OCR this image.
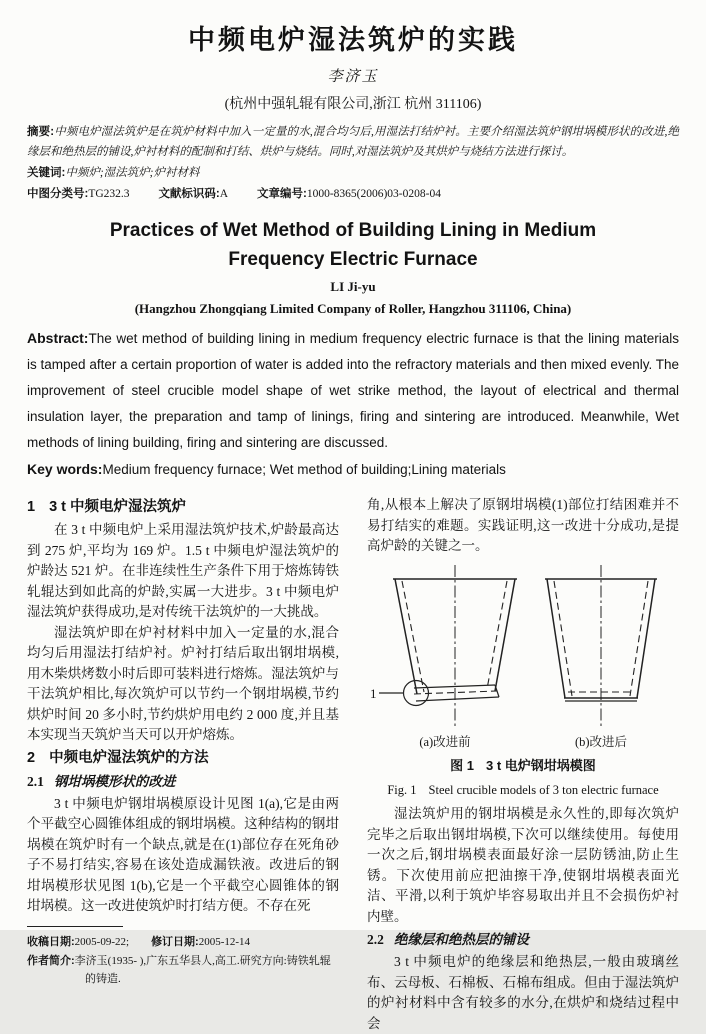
中频电炉湿法筑炉的实践
李济玉
(杭州中强轧辊有限公司,浙江 杭州 311106)
摘要:中频电炉湿法筑炉是在筑炉材料中加入一定量的水,混合均匀后,用湿法打结炉衬。主要介绍湿法筑炉钢坩埚模形状的改进,绝缘层和绝热层的铺设,炉衬材料的配制和打结、烘炉与烧结。同时,对湿法筑炉及其烘炉与烧结方法进行探讨。
关键词:中频炉;湿法筑炉;炉衬材料
中图分类号:TG232.3	文献标识码:A	文章编号:1000-8365(2006)03-0208-04
Practices of Wet Method of Building Lining in Medium
Frequency Electric Furnace
LI Ji-yu
(Hangzhou Zhongqiang Limited Company of Roller, Hangzhou 311106, China)
Abstract:The wet method of building lining in medium frequency electric furnace is that the lining materials is tamped after a certain proportion of water is added into the refractory materials and then mixed evenly. The improvement of steel crucible model shape of wet strike method, the layout of electrical and thermal insulation layer, the preparation and tamp of linings, firing and sintering are introduced. Meanwhile, Wet methods of lining building, firing and sintering are discussed.
Key words:Medium frequency furnace; Wet method of building;Lining materials
1 3 t 中频电炉湿法筑炉

在 3 t 中频电炉上采用湿法筑炉技术,炉龄最高达到 275 炉,平均为 169 炉。1.5 t 中频电炉湿法筑炉的炉龄达 521 炉。在非连续性生产条件下用于熔炼铸铁轧辊达到如此高的炉龄,实属一大进步。3 t 中频电炉湿法筑炉获得成功,是对传统干法筑炉的一大挑战。

湿法筑炉即在炉衬材料中加入一定量的水,混合均匀后用湿法打结炉衬。炉衬打结后取出钢坩埚模,用木柴烘烤数小时后即可装料进行熔炼。湿法筑炉与干法筑炉相比,每次筑炉可以节约一个钢坩埚模,节约烘炉时间 20 多小时,节约烘炉用电约 2 000 度,并且基本实现当天筑炉当天可以开炉熔炼。

2 中频电炉湿法筑炉的方法
2.1 钢坩埚模形状的改进

3 t 中频电炉钢坩埚模原设计见图 1(a),它是由两个平截空心圆锥体组成的钢坩埚模。这种结构的钢坩埚模在筑炉时有一个缺点,就是在(1)部位存在死角砂子不易打结实,容易在该处造成漏铁液。改进后的钢坩埚模形状见图 1(b),它是一个平截空心圆锥体的钢坩埚模。这一改进使筑炉时打结方便。不存在死

收稿日期:2005-09-22; 修订日期:2005-12-14
作者简介:李济玉(1935- ),广东五华县人,高工.研究方向:铸铁轧辊的铸造.

角,从根本上解决了原钢坩埚模(1)部位打结困难并不易打结实的难题。实践证明,这一改进十分成功,是提高炉龄的关键之一。

1
(a)改进前	(b)改进后
图 1 3 t 电炉钢坩埚模图
Fig. 1 Steel crucible models of 3 ton electric furnace

湿法筑炉用的钢坩埚模是永久性的,即每次筑炉完毕之后取出钢坩埚模,下次可以继续使用。每使用一次之后,钢坩埚模表面最好涂一层防锈油,防止生锈。下次使用前应把油擦干净,使钢坩埚模表面光洁、平滑,以利于筑炉毕容易取出并且不会损伤炉衬内壁。

2.2 绝缘层和绝热层的铺设

3 t 中频电炉的绝缘层和绝热层,一般由玻璃丝布、云母板、石棉板、石棉布组成。但由于湿法筑炉的炉衬材料中含有较多的水分,在烘炉和烧结过程中会
